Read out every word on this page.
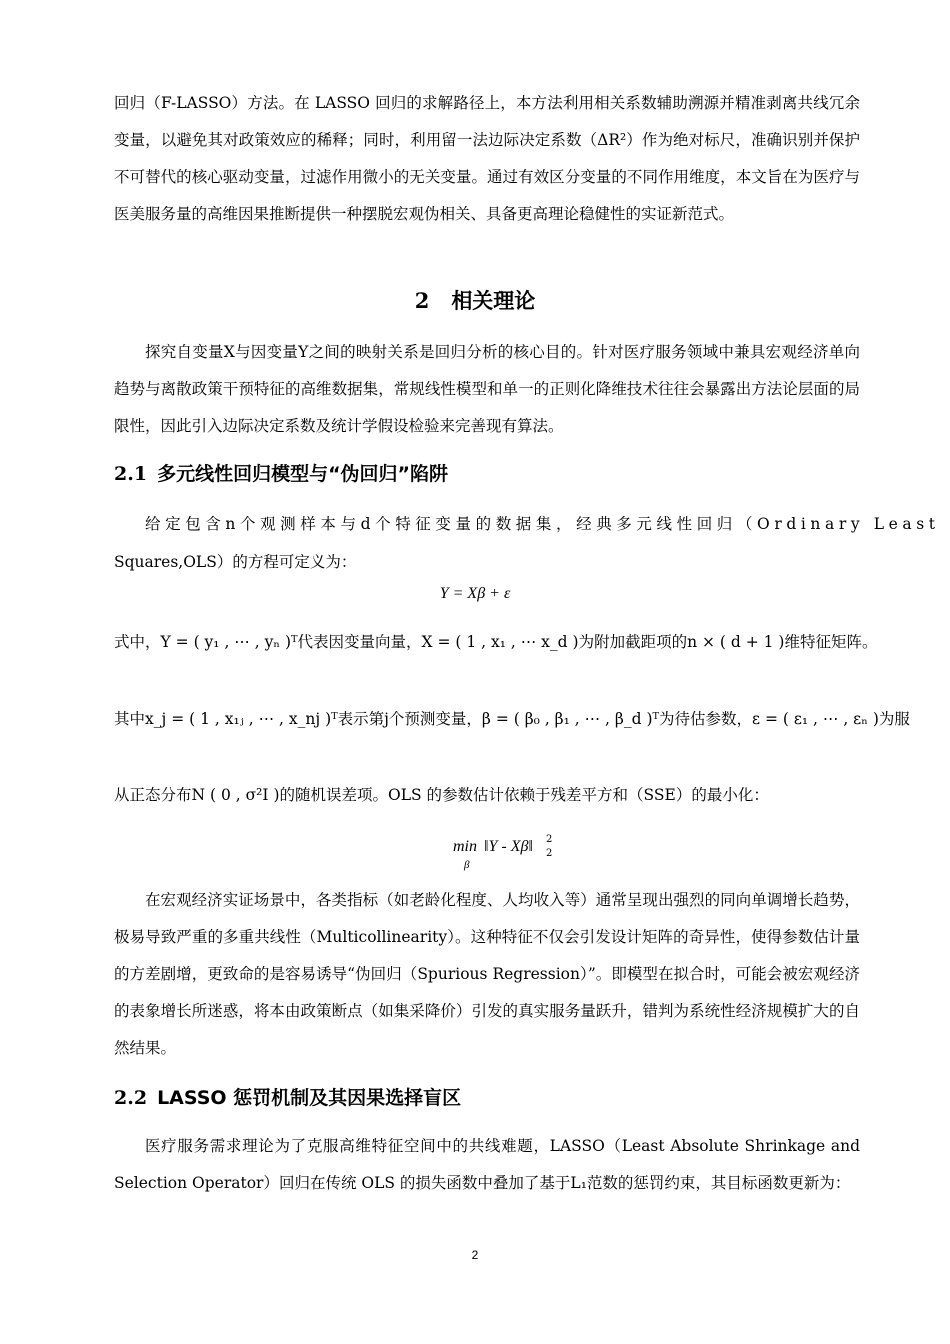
回归（F-LASSO）方法。在 LASSO 回归的求解路径上，本方法利用相关系数辅助溯源并精准剥离共线冗余变量，以避免其对政策效应的稀释；同时，利用留一法边际决定系数（ΔR²）作为绝对标尺，准确识别并保护不可替代的核心驱动变量，过滤作用微小的无关变量。通过有效区分变量的不同作用维度，本文旨在为医疗与医美服务量的高维因果推断提供一种摆脱宏观伪相关、具备更高理论稳健性的实证新范式。

2 相关理论

探究自变量X与因变量Y之间的映射关系是回归分析的核心目的。针对医疗服务领域中兼具宏观经济单向趋势与离散政策干预特征的高维数据集，常规线性模型和单一的正则化降维技术往往会暴露出方法论层面的局限性，因此引入边际决定系数及统计学假设检验来完善现有算法。

2.1 多元线性回归模型与“伪回归”陷阱

给定包含n个观测样本与d个特征变量的数据集，经典多元线性回归（Ordinary Least

Squares,OLS）的方程可定义为：

Y = Xβ + ε

式中，Y = ( y₁ , ⋯ , yₙ )ᵀ代表因变量向量，X = ( 1 , x₁ , ⋯ x_d )为附加截距项的n × ( d + 1 )维特征矩阵。

其中x_j = ( 1 , x₁ⱼ , ⋯ , x_nj )ᵀ表示第j个预测变量，β = ( β₀ , β₁ , ⋯ , β_d )ᵀ为待估参数，ε = ( ε₁ , ⋯ , εₙ )为服

从正态分布N ( 0 , σ²I )的随机误差项。OLS 的参数估计依赖于残差平方和（SSE）的最小化：

min
β
‖Y - Xβ‖ 2
2

在宏观经济实证场景中，各类指标（如老龄化程度、人均收入等）通常呈现出强烈的同向单调增长趋势，极易导致严重的多重共线性（Multicollinearity）。这种特征不仅会引发设计矩阵的奇异性，使得参数估计量的方差剧增，更致命的是容易诱导“伪回归（Spurious Regression）”。即模型在拟合时，可能会被宏观经济的表象增长所迷惑，将本由政策断点（如集采降价）引发的真实服务量跃升，错判为系统性经济规模扩大的自然结果。

2.2 LASSO 惩罚机制及其因果选择盲区

医疗服务需求理论为了克服高维特征空间中的共线难题，LASSO（Least Absolute Shrinkage and Selection Operator）回归在传统 OLS 的损失函数中叠加了基于L₁范数的惩罚约束，其目标函数更新为：

2
